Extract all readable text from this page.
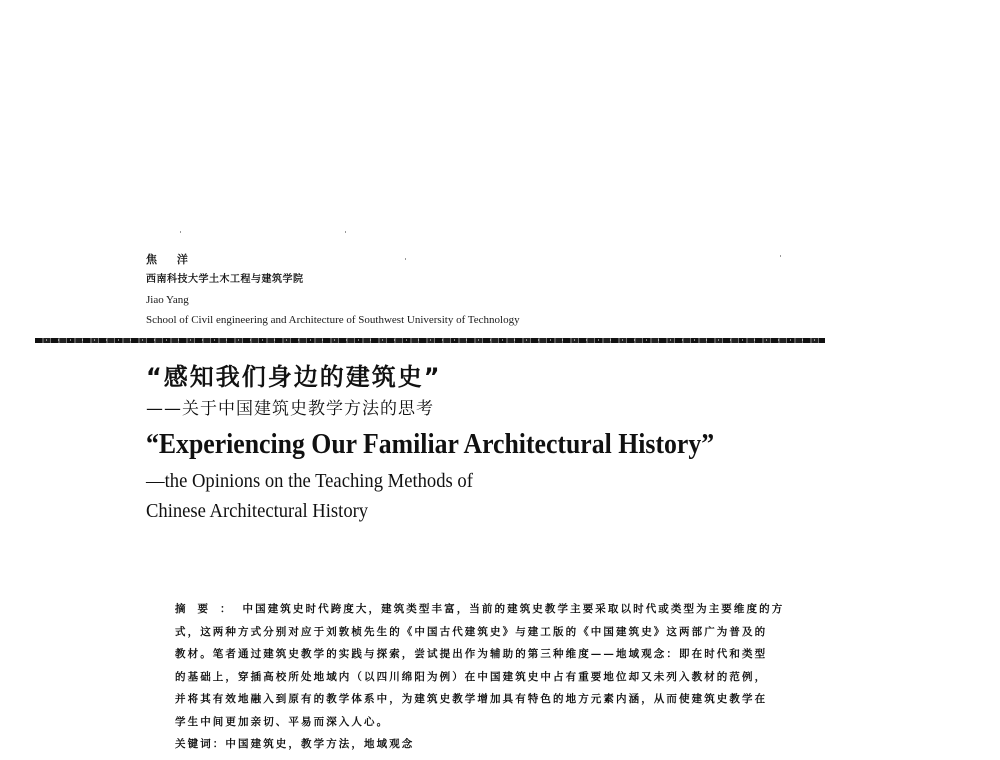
焦 洋
西南科技大学土木工程与建筑学院
Jiao Yang
School of Civil engineering and Architecture of Southwest University of Technology
“感知我们身边的建筑史”
——关于中国建筑史教学方法的思考
“Experiencing Our Familiar Architectural History”
—the Opinions on the Teaching Methods of
Chinese Architectural History
摘要：中国建筑史时代跨度大，建筑类型丰富，当前的建筑史教学主要采取以时代或类型为主要维度的方
式，这两种方式分别对应于刘敦桢先生的《中国古代建筑史》与建工版的《中国建筑史》这两部广为普及的
教材。笔者通过建筑史教学的实践与探索，尝试提出作为辅助的第三种维度——地域观念：即在时代和类型
的基础上，穿插高校所处地域内（以四川绵阳为例）在中国建筑史中占有重要地位却又未列入教材的范例，
并将其有效地融入到原有的教学体系中，为建筑史教学增加具有特色的地方元素内涵，从而使建筑史教学在
学生中间更加亲切、平易而深入人心。
关键词：中国建筑史，教学方法，地域观念
